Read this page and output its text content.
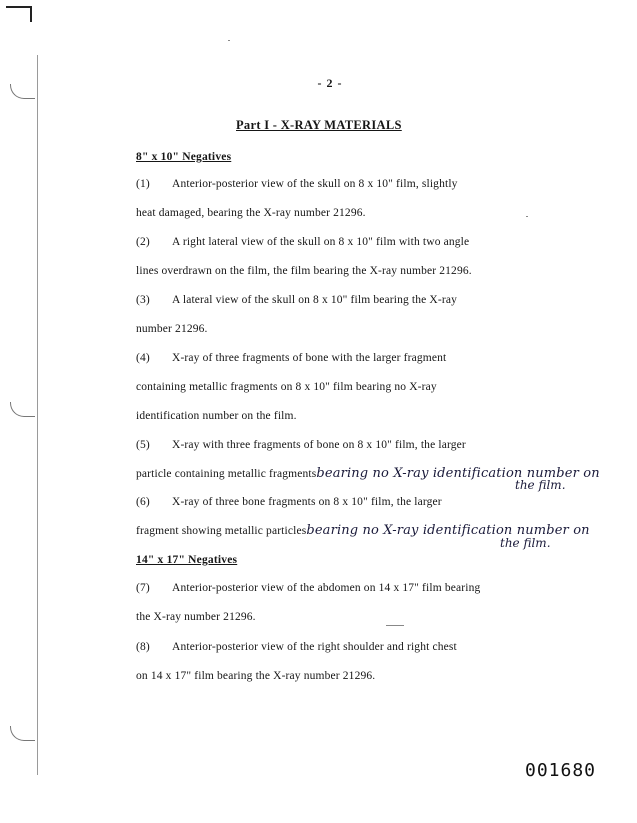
- 2 -
Part I - X-RAY MATERIALS
8" x 10" Negatives
(1) Anterior-posterior view of the skull on 8 x 10" film, slightly
heat damaged, bearing the X-ray number 21296.
(2) A right lateral view of the skull on 8 x 10" film with two angle
lines overdrawn on the film, the film bearing the X-ray number 21296.
(3) A lateral view of the skull on 8 x 10" film bearing the X-ray
number 21296.
(4) X-ray of three fragments of bone with the larger fragment
containing metallic fragments on 8 x 10" film bearing no X-ray
identification number on the film.
(5) X-ray with three fragments of bone on 8 x 10" film, the larger
particle containing metallic fragmentsbearing no X-ray identification number on
the film.
(6) X-ray of three bone fragments on 8 x 10" film, the larger
fragment showing metallic particlesbearing no X-ray identification number on
the film.
14" x 17" Negatives
(7) Anterior-posterior view of the abdomen on 14 x 17" film bearing
the X-ray number 21296.
(8) Anterior-posterior view of the right shoulder and right chest
on 14 x 17" film bearing the X-ray number 21296.
001680
